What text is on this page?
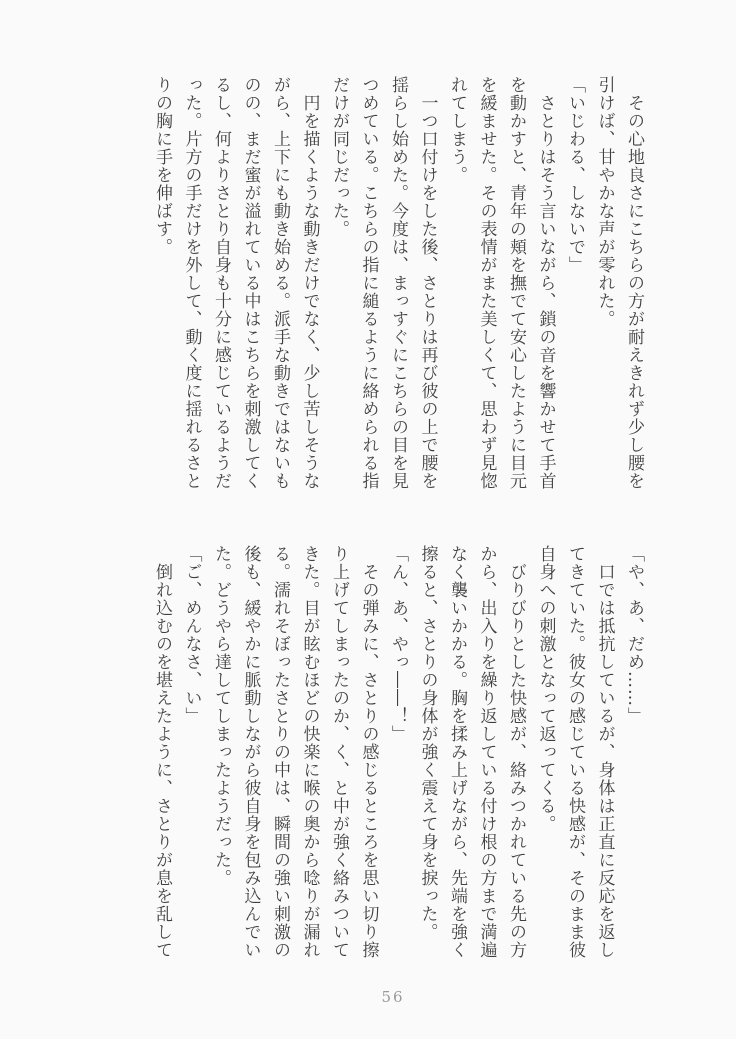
　その心地良さにこちらの方が耐えきれず少し腰を
引けば、甘やかな声が零れた。
「いじわる、しないで」
　さとりはそう言いながら、鎖の音を響かせて手首
を動かすと、青年の頬を撫でて安心したように目元
を緩ませた。その表情がまた美しくて、思わず見惚
れてしまう。
　一つ口付けをした後、さとりは再び彼の上で腰を
揺らし始めた。今度は、まっすぐにこちらの目を見
つめている。こちらの指に縋るように絡められる指
だけが同じだった。
　円を描くような動きだけでなく、少し苦しそうな
がら、上下にも動き始める。派手な動きではないも
のの、まだ蜜が溢れている中はこちらを刺激してく
るし、何よりさとり自身も十分に感じているようだ
った。片方の手だけを外して、動く度に揺れるさと
りの胸に手を伸ばす。
「や、あ、だめ……」
　口では抵抗しているが、身体は正直に反応を返し
てきていた。彼女の感じている快感が、そのまま彼
自身への刺激となって返ってくる。
　びりびりとした快感が、絡みつかれている先の方
から、出入りを繰り返している付け根の方まで満遍
なく襲いかかる。胸を揉み上げながら、先端を強く
擦ると、さとりの身体が強く震えて身を捩った。
「ん、あ、やっ――！」
　その弾みに、さとりの感じるところを思い切り擦
り上げてしまったのか、く、と中が強く絡みついて
きた。目が眩むほどの快楽に喉の奥から唸りが漏れ
る。濡れそぼったさとりの中は、瞬間の強い刺激の
後も、緩やかに脈動しながら彼自身を包み込んでい
た。どうやら達してしまったようだった。
「ご、めんなさ、い」
　倒れ込むのを堪えたように、さとりが息を乱して
56
